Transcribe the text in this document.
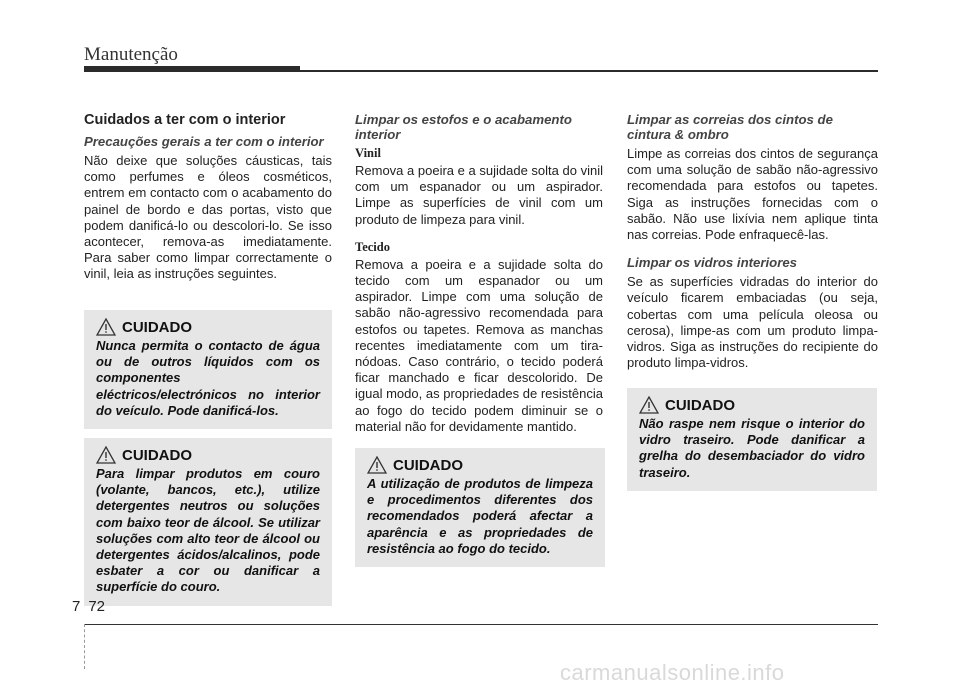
Manutenção
Cuidados a ter com o interior
Precauções gerais a ter com o interior

Não deixe que soluções cáusticas, tais como perfumes e óleos cosméticos, entrem em contacto com o acabamento do painel de bordo e das portas, visto que podem danificá-lo ou descolori-lo. Se isso acontecer, remova-as imediatamente. Para saber como limpar correctamente o vinil, leia as instruções seguintes.

Limpar os estofos e o acabamento interior
Vinil

Remova a poeira e a sujidade solta do vinil com um espanador ou um aspirador. Limpe as superfícies de vinil com um produto de limpeza para vinil.

Tecido

Remova a poeira e a sujidade solta do tecido com um espanador ou um aspirador. Limpe com uma solução de sabão não-agressivo recomendada para estofos ou tapetes. Remova as manchas recentes imediatamente com um tira-nódoas. Caso contrário, o tecido poderá ficar manchado e ficar descolorido. De igual modo, as propriedades de resistência ao fogo do tecido podem diminuir se o material não for devidamente mantido.

Limpar as correias dos cintos de cintura & ombro

Limpe as correias dos cintos de segurança com uma solução de sabão não-agressivo recomendada para estofos ou tapetes. Siga as instruções fornecidas com o sabão. Não use lixívia nem aplique tinta nas correias. Pode enfraquecê-las.

Limpar os vidros interiores

Se as superfícies vidradas do interior do veículo ficarem embaciadas (ou seja, cobertas com uma película oleosa ou cerosa), limpe-as com um produto limpa-vidros. Siga as instruções do recipiente do produto limpa-vidros.

CUIDADO

Nunca permita o contacto de água ou de outros líquidos com os componentes eléctricos/electrónicos no interior do veículo. Pode danificá-los.

CUIDADO

Para limpar produtos em couro (volante, bancos, etc.), utilize detergentes neutros ou soluções com baixo teor de álcool. Se utilizar soluções com alto teor de álcool ou detergentes ácidos/alcalinos, pode esbater a cor ou danificar a superfície do couro.

CUIDADO

A utilização de produtos de limpeza e procedimentos diferentes dos recomendados poderá afectar a aparência e as propriedades de resistência ao fogo do tecido.

CUIDADO

Não raspe nem risque o interior do vidro traseiro. Pode danificar a grelha do desembaciador do vidro traseiro.

7 72
carmanualsonline.info
